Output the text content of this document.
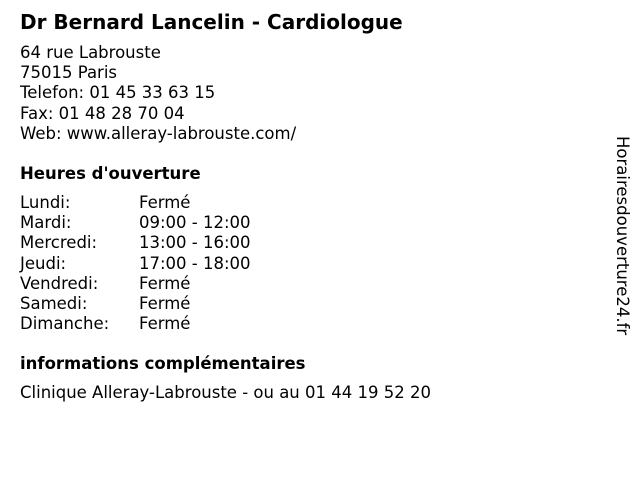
Dr Bernard Lancelin - Cardiologue
64 rue Labrouste
75015 Paris
Telefon: 01 45 33 63 15
Fax: 01 48 28 70 04
Web: www.alleray-labrouste.com/
Heures d'ouverture
Lundi:	Fermé
Mardi:	09:00 - 12:00
Mercredi:	13:00 - 16:00
Jeudi:	17:00 - 18:00
Vendredi:	Fermé
Samedi:	Fermé
Dimanche:	Fermé
informations complémentaires
Clinique Alleray-Labrouste - ou au 01 44 19 52 20
Horairesdouverture24.fr
